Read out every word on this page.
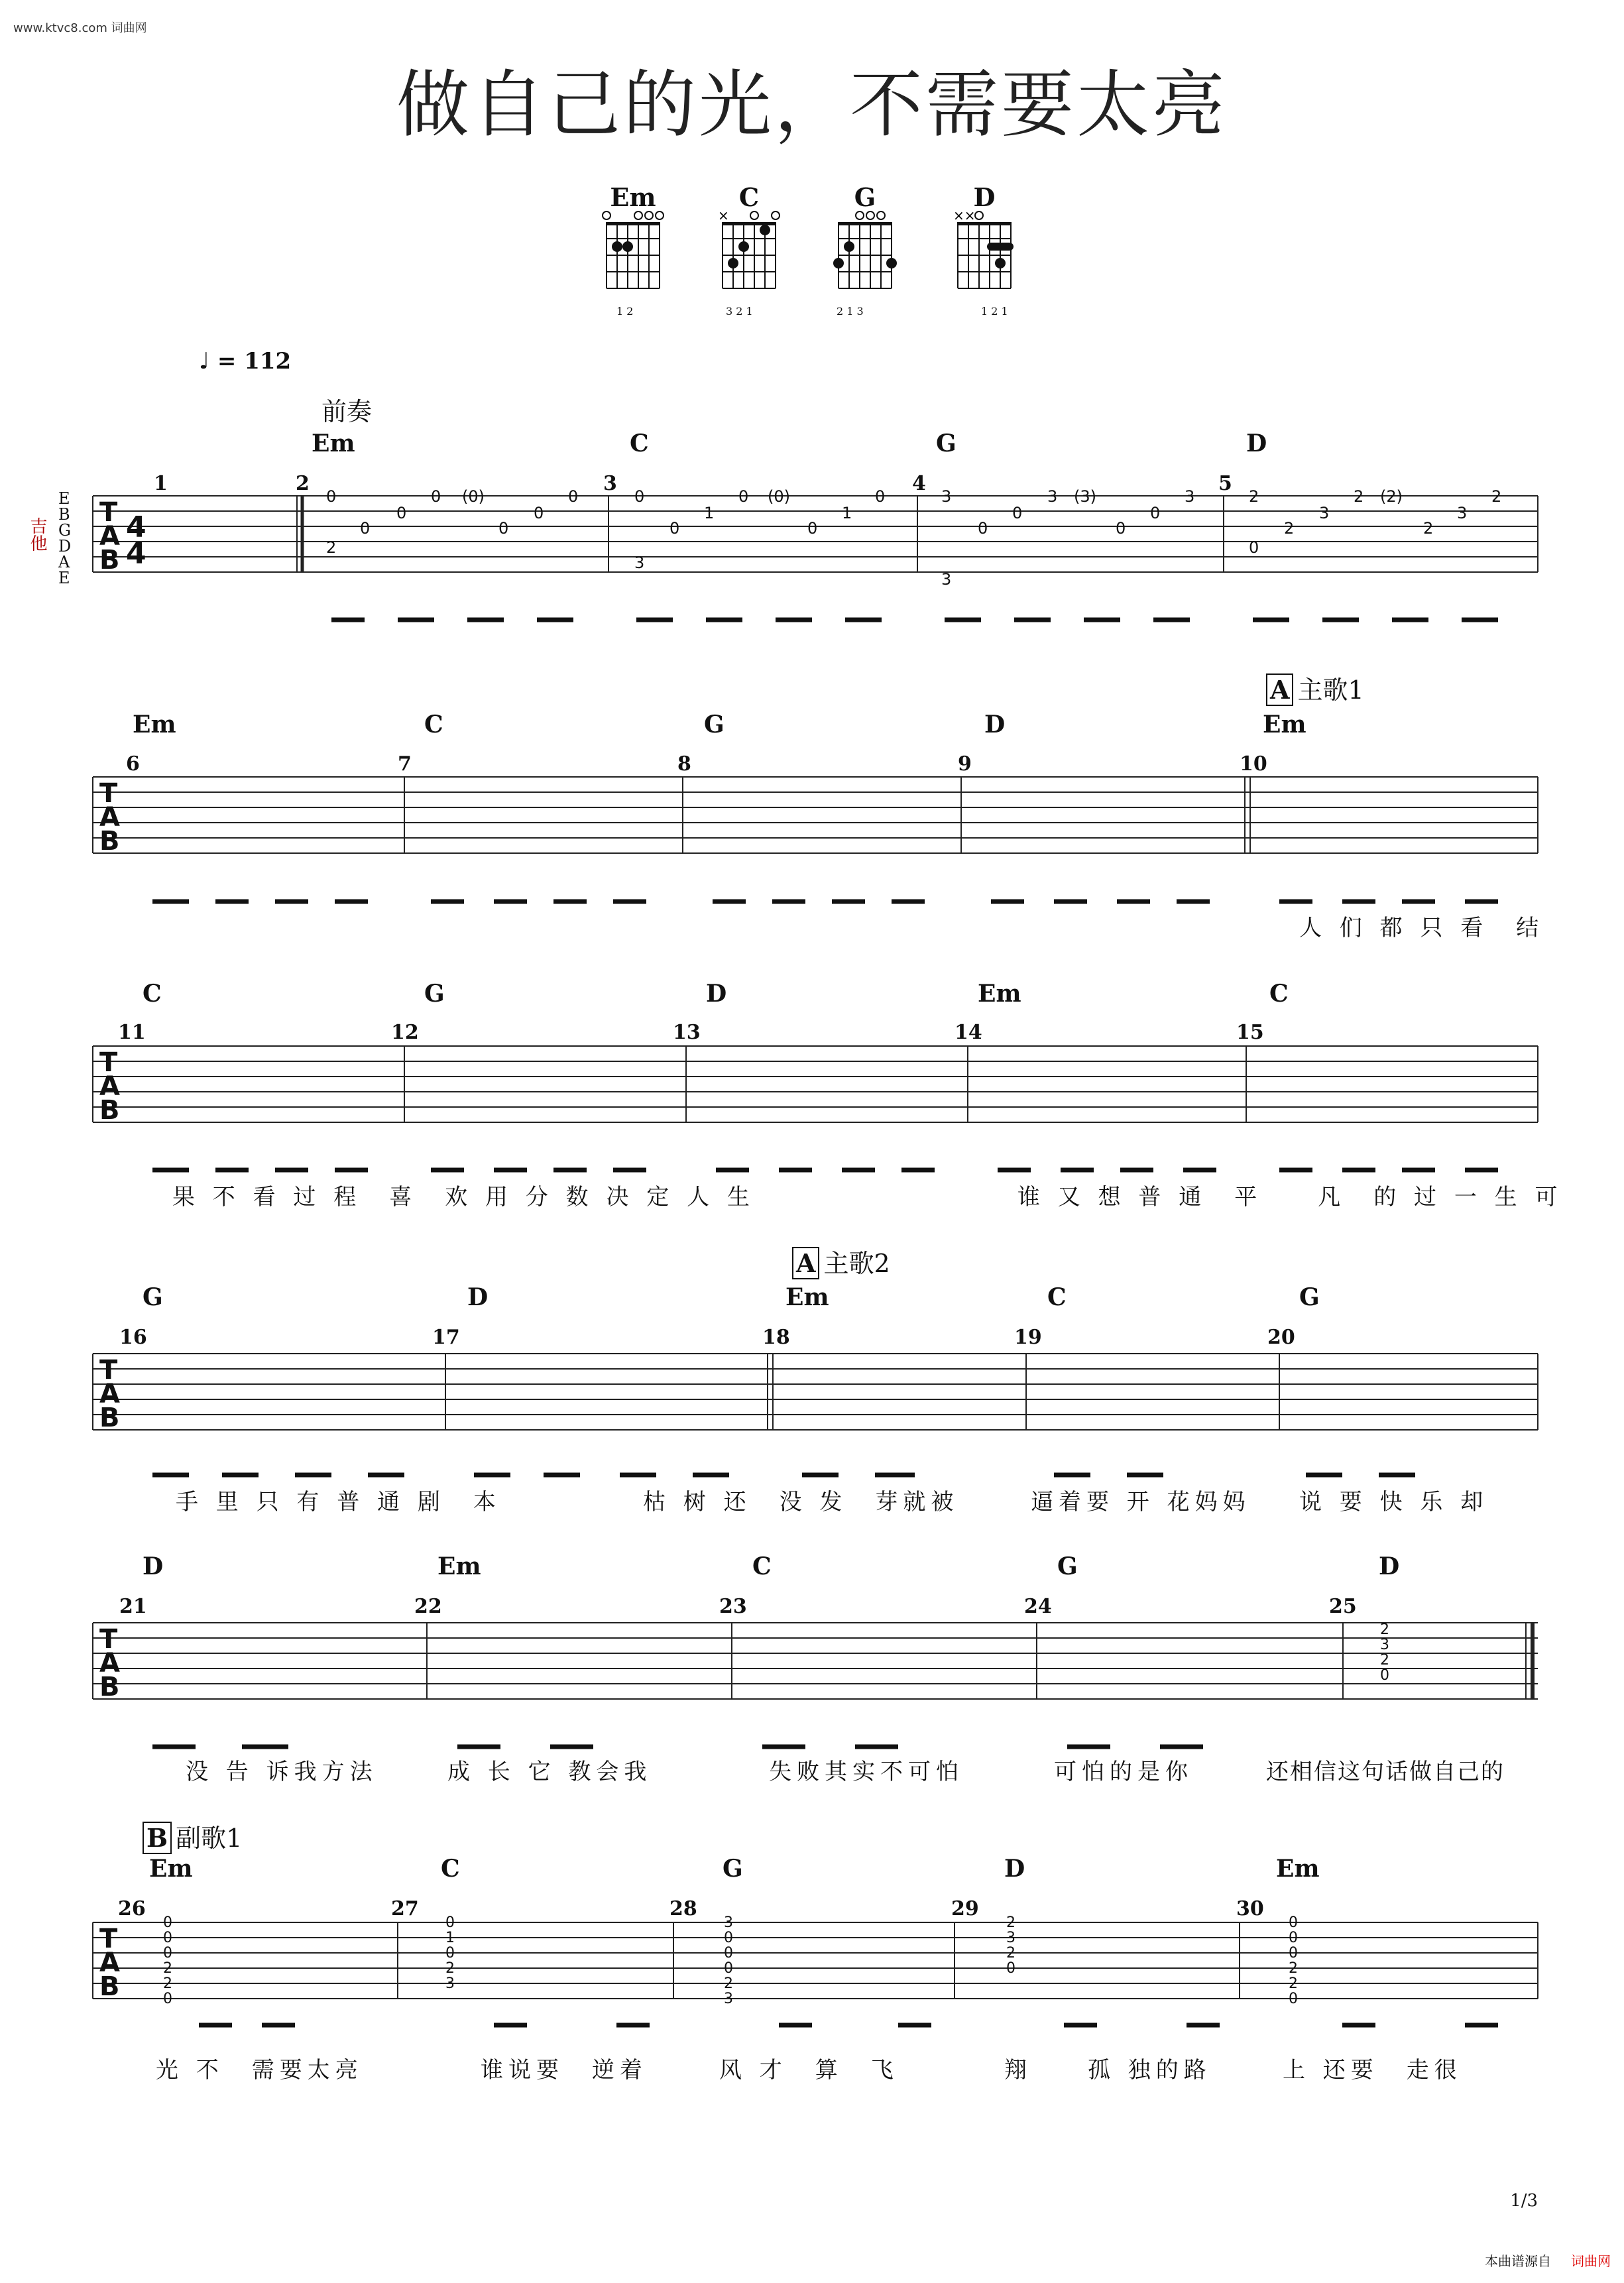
www.ktvc8.com 词曲网
做自己的光，不需要太亮
Em
1 2
C
×
3 2 1
G
2 1 3
D
××
1 2 1
♩ = 112
吉他
E B G D A E
前奏
Em	C	G	D
1	2	3	4	5
T
A
B
T
A
B
T
A
B
T
A
B
T
A
B
T
A
B
4
4
0
2
0
0
0 (0)
0
0
0	0
3
0
1
0 (0)
0
1
0	3
3
0
0
3 (3)
0
0
3	2
0
2
3
2 (2)
2
3
2
0
0
0
2
2
0
0
1
0
2
3
3
0
0
0
2
3
2
3
2
0
0
0
0
2
2
0
2
3
2
0
A 主歌1
Em	C	G	D	Em
6	7	8	9	10
人 们 都 只 看　结
C	G	D	Em	C
11	12	13	14	15
果 不 看 过 程　喜　欢 用 分 数 决 定 人 生	谁 又 想 普 通　平　　凡　的 过 一 生 可
A 主歌2
G	D	Em	C	G
16	17	18	19	20
手 里 只 有 普 通 剧　本	枯 树 还　没 发　芽就被	逼着要 开 花妈妈 说 要 快 乐 却
D	Em	C	G	D
21	22	23	24	25
没 告 诉我方法	成 长 它 教会我	失败其实不可怕	可怕的是你	还相信这句话做自己的
B 副歌1
Em	C	G	D	Em
26	27	28	29	30
光 不　需要太亮	谁说要　逆着	风 才　算　飞	翔　　孤 独的路	上 还要　走很
1/3
本曲谱源自 词曲网
